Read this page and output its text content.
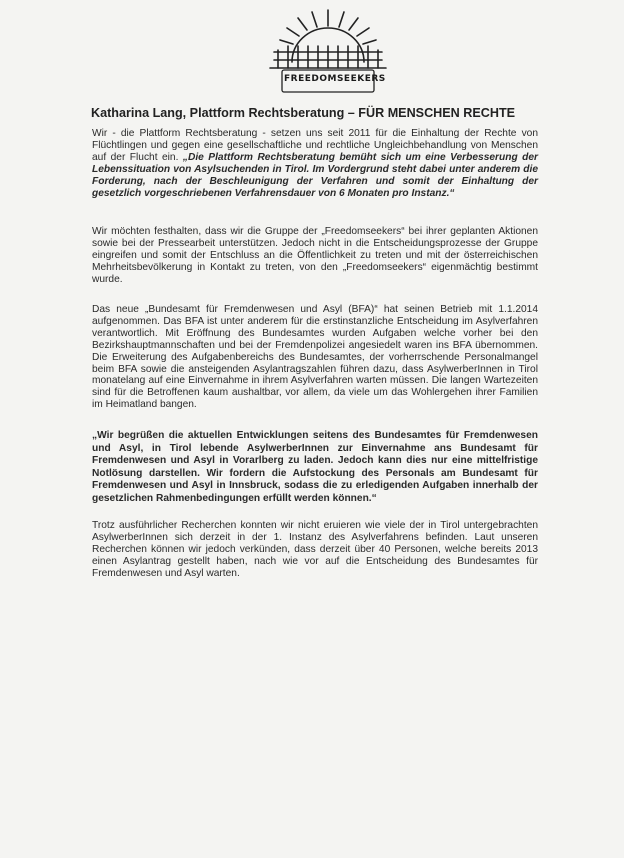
FREEDOMSEEKERS
Katharina Lang, Plattform Rechtsberatung – FÜR MENSCHEN RECHTE

Wir - die Plattform Rechtsberatung - setzen uns seit 2011 für die Einhaltung der Rechte von Flüchtlingen und gegen eine gesellschaftliche und rechtliche Ungleichbehandlung von Menschen auf der Flucht ein. „Die Plattform Rechtsberatung bemüht sich um eine Verbesserung der Lebenssituation von Asylsuchenden in Tirol. Im Vordergrund steht dabei unter anderem die Forderung, nach der Beschleunigung der Verfahren und somit der Einhaltung der gesetzlich vorgeschriebenen Verfahrensdauer von 6 Monaten pro Instanz.“

Wir möchten festhalten, dass wir die Gruppe der „Freedomseekers“ bei ihrer geplanten Aktionen sowie bei der Pressearbeit unterstützen. Jedoch nicht in die Entscheidungsprozesse der Gruppe eingreifen und somit der Entschluss an die Öffentlichkeit zu treten und mit der österreichischen Mehrheitsbevölkerung in Kontakt zu treten, von den „Freedomseekers“ eigenmächtig bestimmt wurde.

Das neue „Bundesamt für Fremdenwesen und Asyl (BFA)“ hat seinen Betrieb mit 1.1.2014 aufgenommen. Das BFA ist unter anderem für die erstinstanzliche Entscheidung im Asylverfahren verantwortlich. Mit Eröffnung des Bundesamtes wurden Aufgaben welche vorher bei den Bezirkshauptmannschaften und bei der Fremdenpolizei angesiedelt waren ins BFA übernommen. Die Erweiterung des Aufgabenbereichs des Bundesamtes, der vorherrschende Personalmangel beim BFA sowie die ansteigenden Asylantragszahlen führen dazu, dass AsylwerberInnen in Tirol monatelang auf eine Einvernahme in ihrem Asylverfahren warten müssen. Die langen Wartezeiten sind für die Betroffenen kaum aushaltbar, vor allem, da viele um das Wohlergehen ihrer Familien im Heimatland bangen.

„Wir begrüßen die aktuellen Entwicklungen seitens des Bundesamtes für Fremdenwesen und Asyl, in Tirol lebende AsylwerberInnen zur Einvernahme ans Bundesamt für Fremdenwesen und Asyl in Vorarlberg zu laden. Jedoch kann dies nur eine mittelfristige Notlösung darstellen. Wir fordern die Aufstockung des Personals am Bundesamt für Fremdenwesen und Asyl in Innsbruck, sodass die zu erledigenden Aufgaben innerhalb der gesetzlichen Rahmenbedingungen erfüllt werden können.“

Trotz ausführlicher Recherchen konnten wir nicht eruieren wie viele der in Tirol untergebrachten AsylwerberInnen sich derzeit in der 1. Instanz des Asylverfahrens befinden. Laut unseren Recherchen können wir jedoch verkünden, dass derzeit über 40 Personen, welche bereits 2013 einen Asylantrag gestellt haben, nach wie vor auf die Entscheidung des Bundesamtes für Fremdenwesen und Asyl warten.
